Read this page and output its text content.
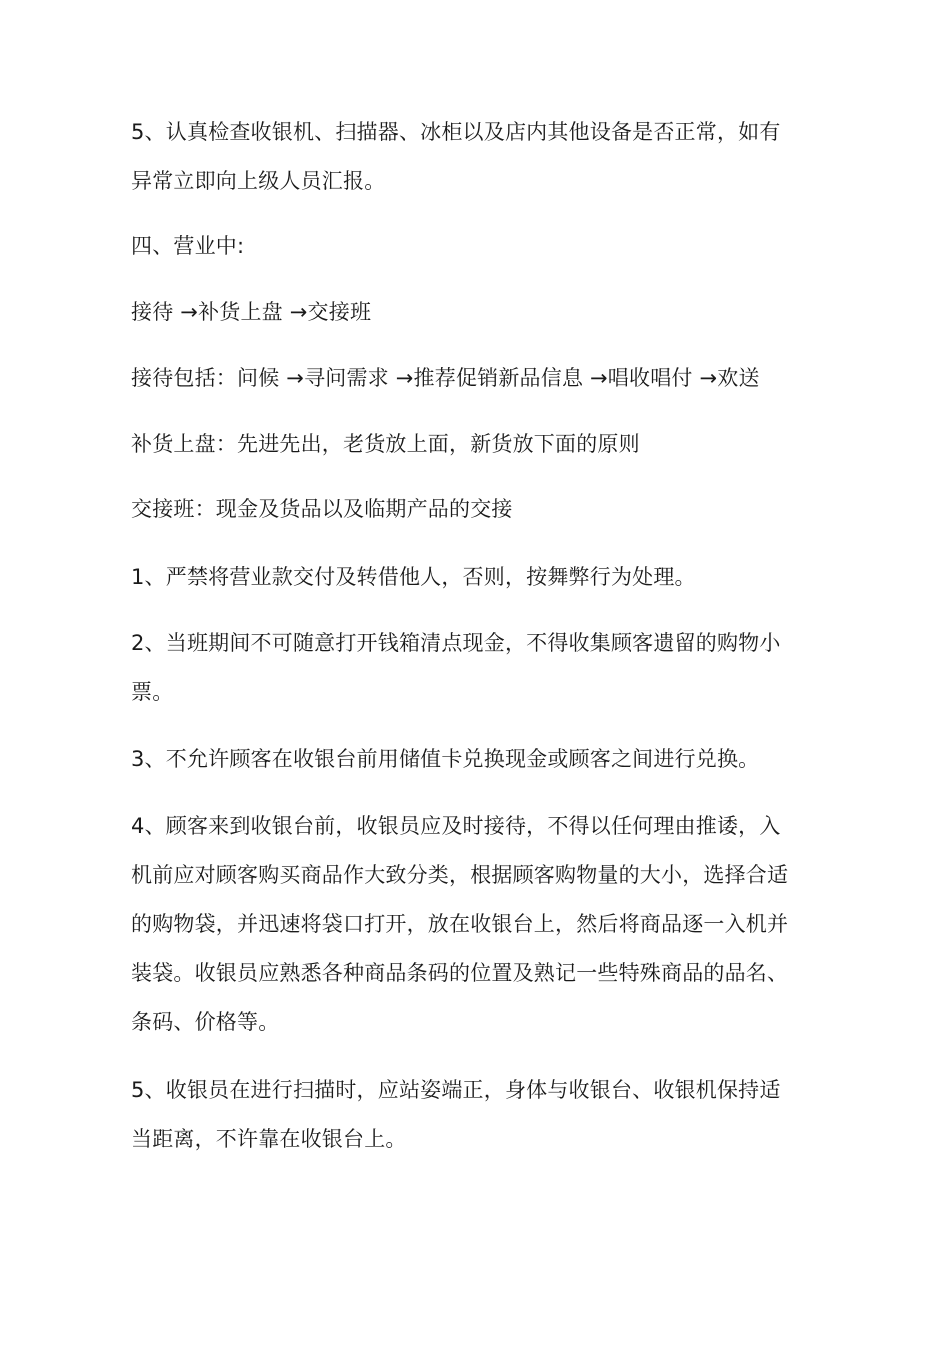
5、认真检查收银机、扫描器、冰柜以及店内其他设备是否正常，如有异常立即向上级人员汇报。

四、营业中:

接待 →补货上盘 →交接班

接待包括：问候 →寻问需求 →推荐促销新品信息 →唱收唱付 →欢送

补货上盘：先进先出，老货放上面，新货放下面的原则

交接班：现金及货品以及临期产品的交接

1、严禁将营业款交付及转借他人，否则，按舞弊行为处理。

2、当班期间不可随意打开钱箱清点现金，不得收集顾客遗留的购物小票。

3、不允许顾客在收银台前用储值卡兑换现金或顾客之间进行兑换。

4、顾客来到收银台前，收银员应及时接待，不得以任何理由推诿，入机前应对顾客购买商品作大致分类，根据顾客购物量的大小，选择合适的购物袋，并迅速将袋口打开，放在收银台上，然后将商品逐一入机并装袋。收银员应熟悉各种商品条码的位置及熟记一些特殊商品的品名、条码、价格等。

5、收银员在进行扫描时，应站姿端正，身体与收银台、收银机保持适当距离，不许靠在收银台上。
